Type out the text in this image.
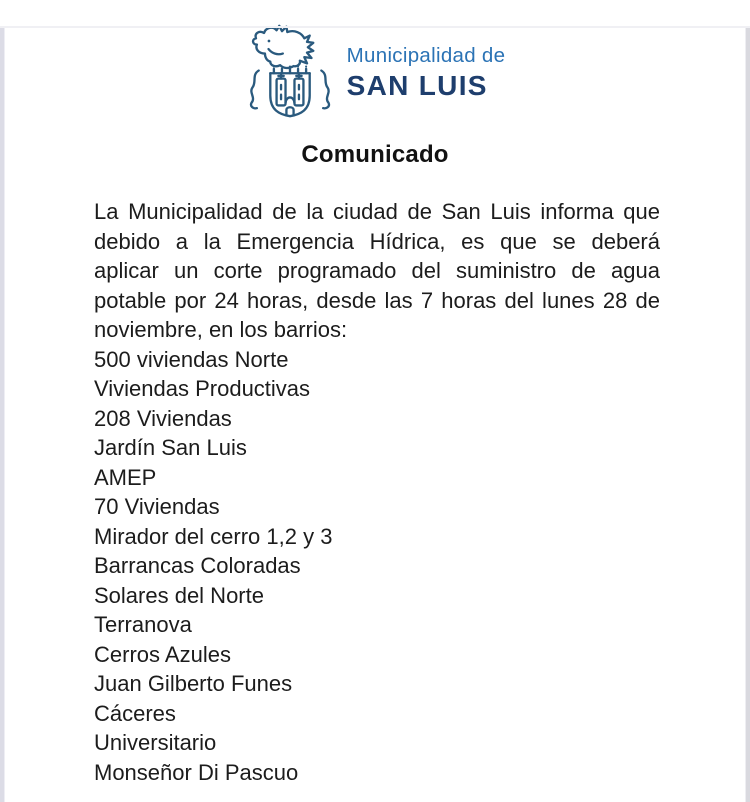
Municipalidad de
SAN LUIS
Comunicado
La Municipalidad de la ciudad de San Luis informa que
debido a la Emergencia Hídrica, es que se deberá
aplicar un corte programado del suministro de agua
potable por 24 horas, desde las 7 horas del lunes 28 de
noviembre, en los barrios:
500 viviendas Norte
Viviendas Productivas
208 Viviendas
Jardín San Luis
AMEP
70 Viviendas
Mirador del cerro 1,2 y 3
Barrancas Coloradas
Solares del Norte
Terranova
Cerros Azules
Juan Gilberto Funes
Cáceres
Universitario
Monseñor Di Pascuo
